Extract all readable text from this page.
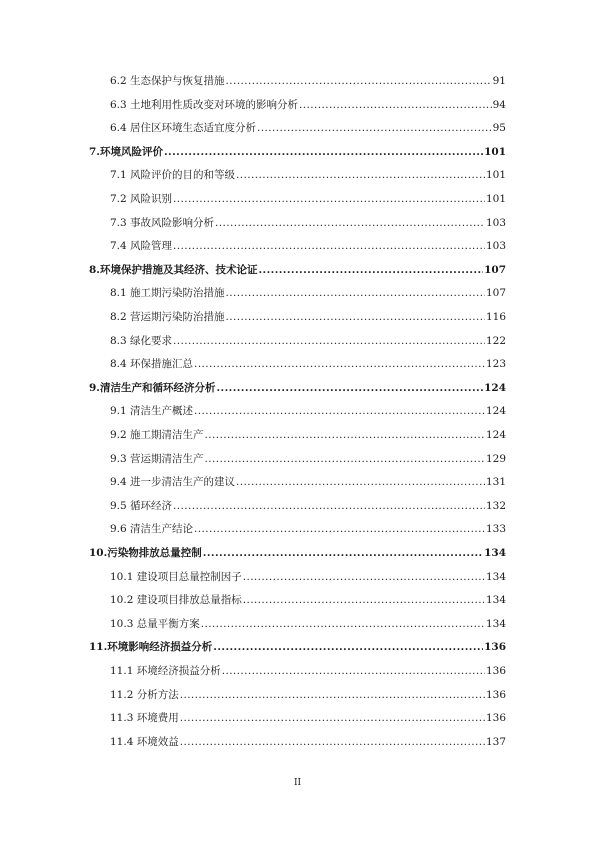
6.2 生态保护与恢复措施 .....	91
6.3 土地利用性质改变对环境的影响分析 .....	94
6.4 居住区环境生态适宜度分析 .....	95
7.环境风险评价 .....	101
7.1 风险评价的目的和等级 .....	101
7.2 风险识别 .....	101
7.3 事故风险影响分析 .....	103
7.4 风险管理 .....	103
8.环境保护措施及其经济、技术论证 .....	107
8.1 施工期污染防治措施 .....	107
8.2 营运期污染防治措施 .....	116
8.3 绿化要求 .....	122
8.4 环保措施汇总 .....	123
9.清洁生产和循环经济分析 .....	124
9.1 清洁生产概述 .....	124
9.2 施工期清洁生产 .....	124
9.3 营运期清洁生产 .....	129
9.4 进一步清洁生产的建议 .....	131
9.5 循环经济 .....	132
9.6 清洁生产结论 .....	133
10.污染物排放总量控制 .....	134
10.1 建设项目总量控制因子 .....	134
10.2 建设项目排放总量指标 .....	134
10.3 总量平衡方案 .....	134
11.环境影响经济损益分析 .....	136
11.1 环境经济损益分析 .....	136
11.2 分析方法 .....	136
11.3 环境费用 .....	136
11.4 环境效益 .....	137
II
